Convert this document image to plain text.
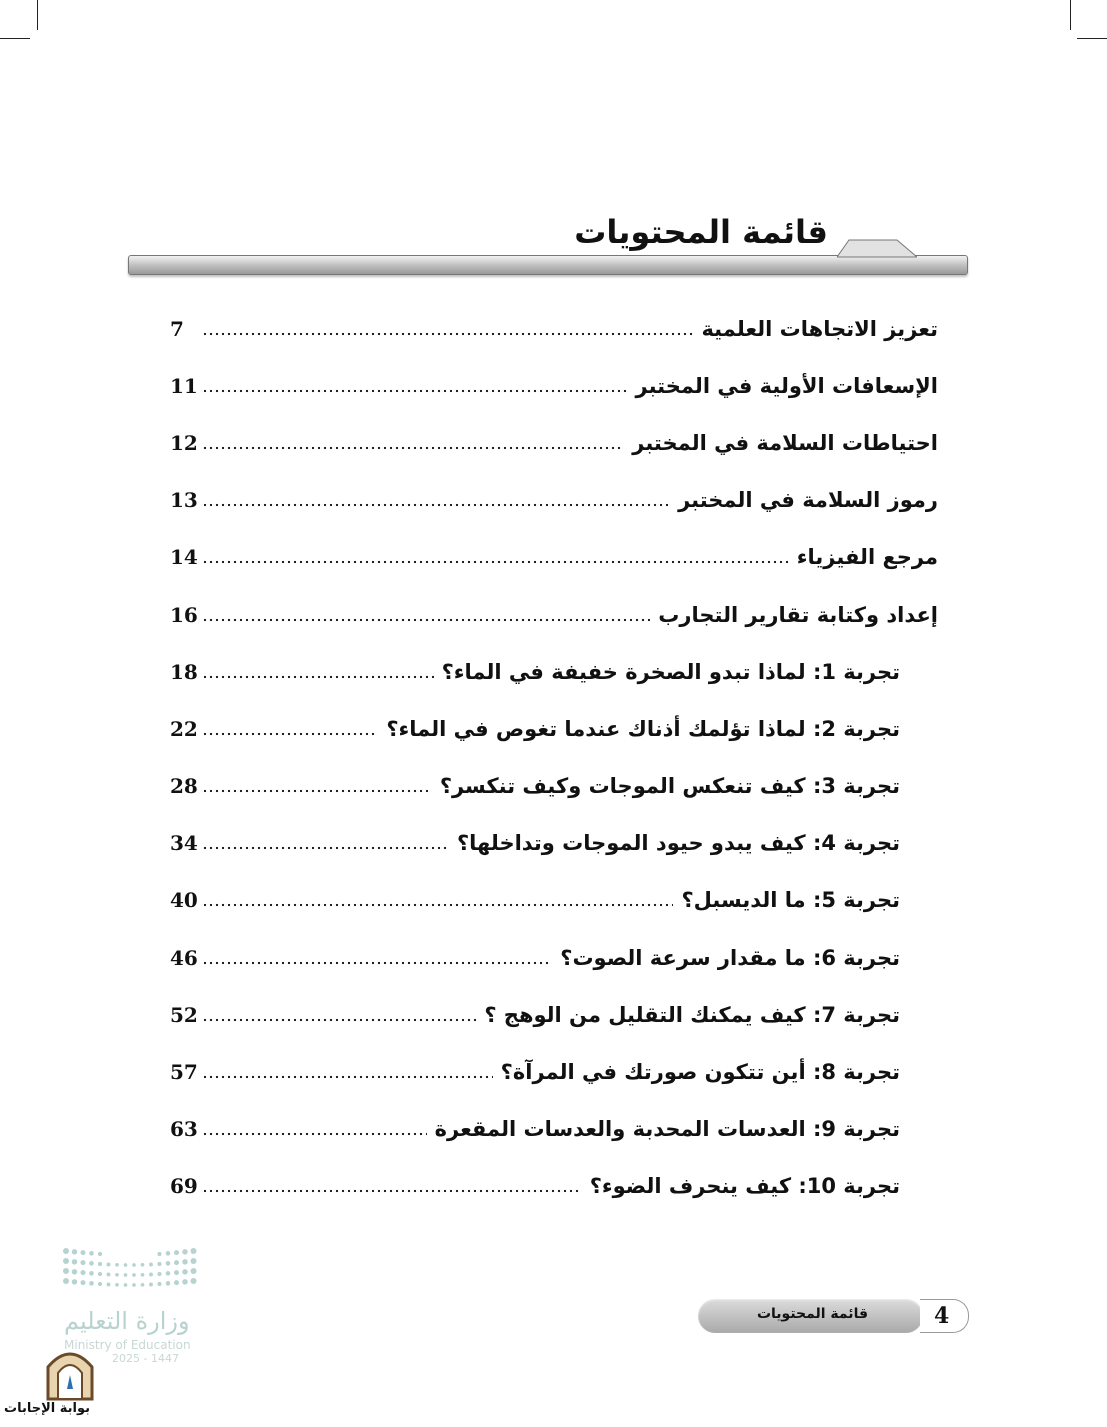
قائمة المحتويات
تعزيز الاتجاهات العلمية
7
الإسعافات الأولية في المختبر
11
احتياطات السلامة في المختبر
12
رموز السلامة في المختبر
13
مرجع الفيزياء
14
إعداد وكتابة تقارير التجارب
16
تجربة 1: لماذا تبدو الصخرة خفيفة في الماء؟
18
تجربة 2: لماذا تؤلمك أذناك عندما تغوص في الماء؟
22
تجربة 3: كيف تنعكس الموجات وكيف تنكسر؟
28
تجربة 4: كيف يبدو حيود الموجات وتداخلها؟
34
تجربة 5: ما الديسبل؟
40
تجربة 6: ما مقدار سرعة الصوت؟
46
تجربة 7: كيف يمكنك التقليل من الوهج ؟
52
تجربة 8: أين تتكون صورتك في المرآة؟
57
تجربة 9: العدسات المحدبة والعدسات المقعرة
63
تجربة 10: كيف ينحرف الضوء؟
69
قائمة المحتويات	4
وزارة التعليم
Ministry of Education
2025 - 1447
بوابة الإجابات
